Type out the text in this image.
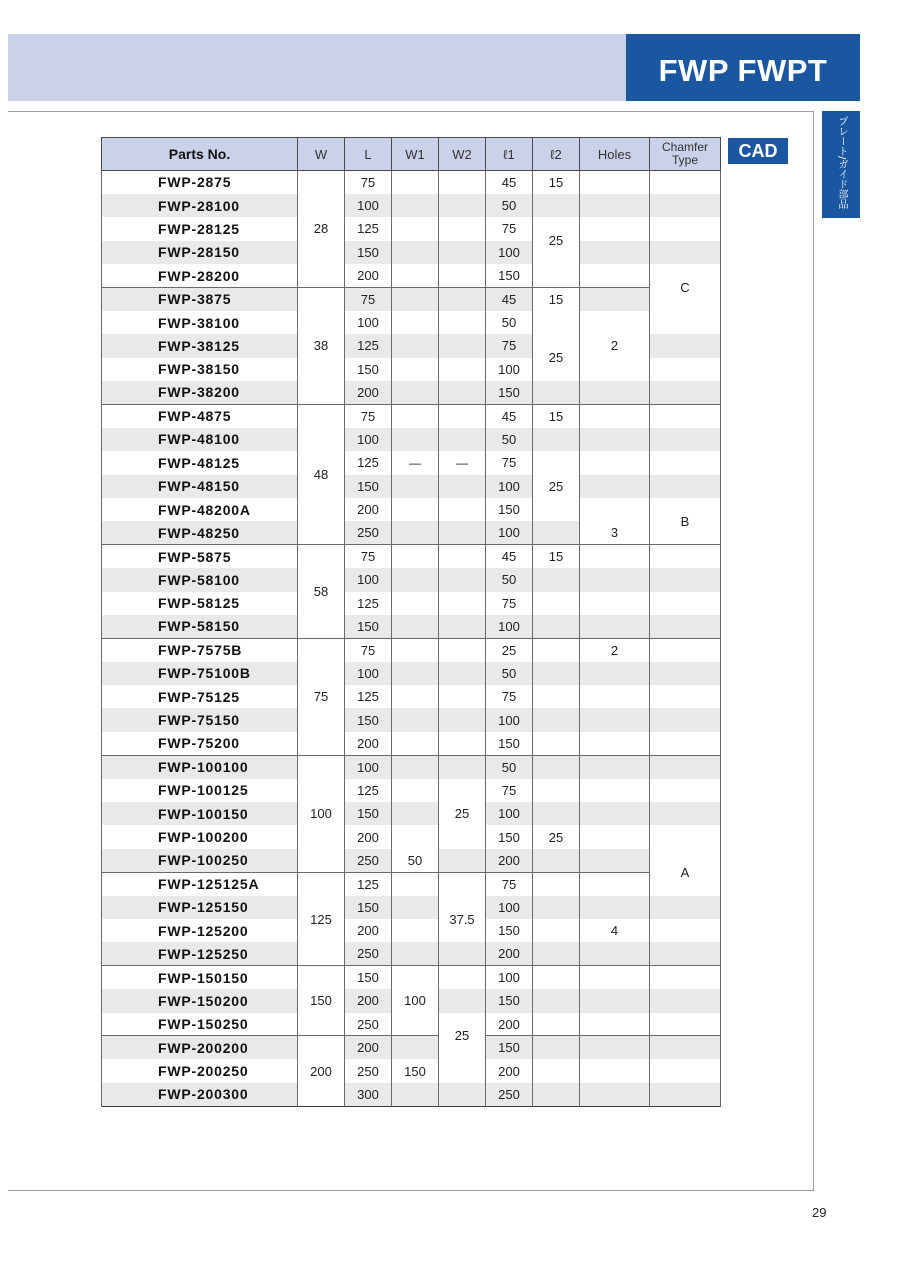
FWP FWPT
プレート/ガイド部品
CAD
Parts No.	W	L	W1	W2	ℓ1	ℓ2	Holes	Chamfer Type
FWP-2875	28	75			45	15		
FWP-28100		100			50			
FWP-28125		125			75	25		
FWP-28150		150			100			
FWP-28200		200			150			C
FWP-3875	38	75			45	15		
FWP-38100		100			50			
FWP-38125		125			75	25	2	
FWP-38150		150			100			
FWP-38200		200			150			
FWP-4875	48	75			45	15		
FWP-48100		100			50			
FWP-48125		125	—	—	75			
FWP-48150		150			100	25		
FWP-48200A		200			150			B
FWP-48250		250			100		3	
FWP-5875	58	75			45	15		
FWP-58100		100			50			
FWP-58125		125			75			
FWP-58150		150			100			
FWP-7575B	75	75			25		2	
FWP-75100B		100			50			
FWP-75125		125			75			
FWP-75150		150			100			
FWP-75200		200			150			
FWP-100100	100	100			50			
FWP-100125		125			75			
FWP-100150		150		25	100			
FWP-100200		200			150	25		
FWP-100250		250	50		200			A
FWP-125125A	125	125			75			
FWP-125150		150		37.5	100			
FWP-125200		200			150		4	
FWP-125250		250			200			
FWP-150150	150	150			100			
FWP-150200		200	100		150			
FWP-150250		250		25	200			
FWP-200200	200	200			150			
FWP-200250		250	150		200			
FWP-200300		300			250			
29
